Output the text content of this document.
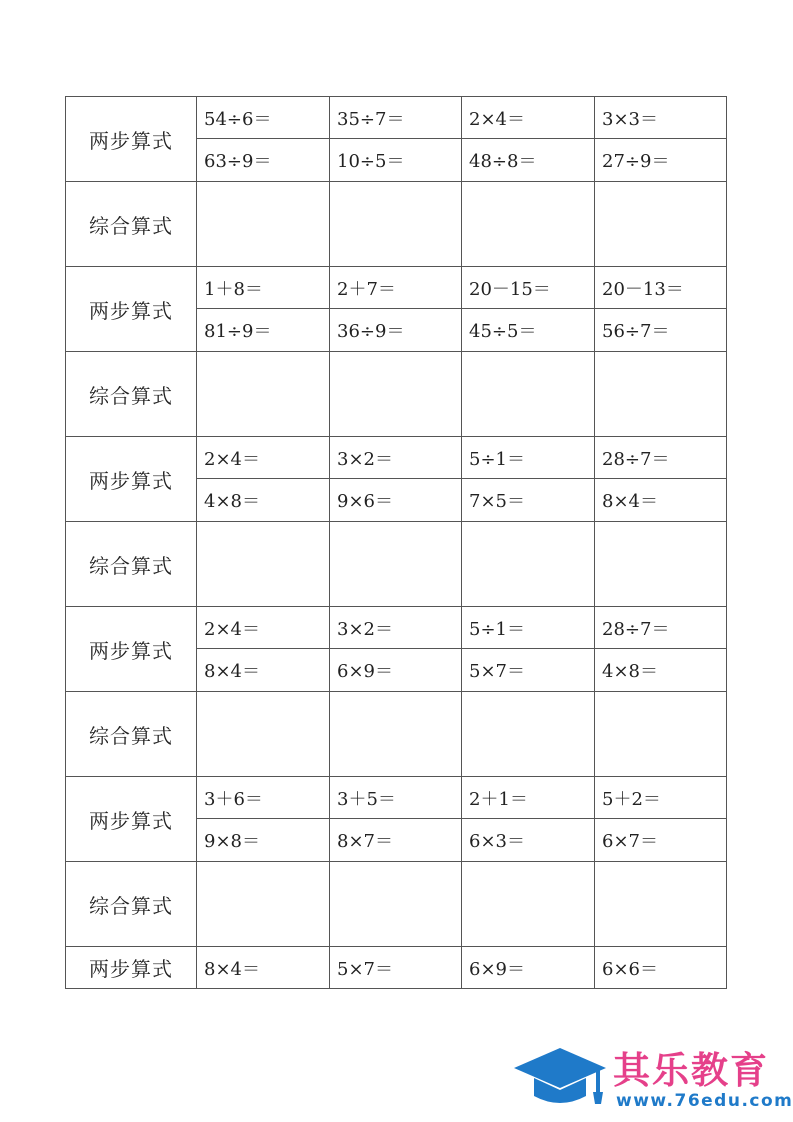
两步算式	54÷6＝	35÷7＝	2×4＝	3×3＝
	63÷9＝	10÷5＝	48÷8＝	27÷9＝
综合算式				
两步算式	1＋8＝	2＋7＝	20－15＝	20－13＝
	81÷9＝	36÷9＝	45÷5＝	56÷7＝
综合算式				
两步算式	2×4＝	3×2＝	5÷1＝	28÷7＝
	4×8＝	9×6＝	7×5＝	8×4＝
综合算式				
两步算式	2×4＝	3×2＝	5÷1＝	28÷7＝
	8×4＝	6×9＝	5×7＝	4×8＝
综合算式				
两步算式	3＋6＝	3＋5＝	2＋1＝	5＋2＝
	9×8＝	8×7＝	6×3＝	6×7＝
综合算式				
两步算式	8×4＝	5×7＝	6×9＝	6×6＝
其乐教育
www.76edu.com
